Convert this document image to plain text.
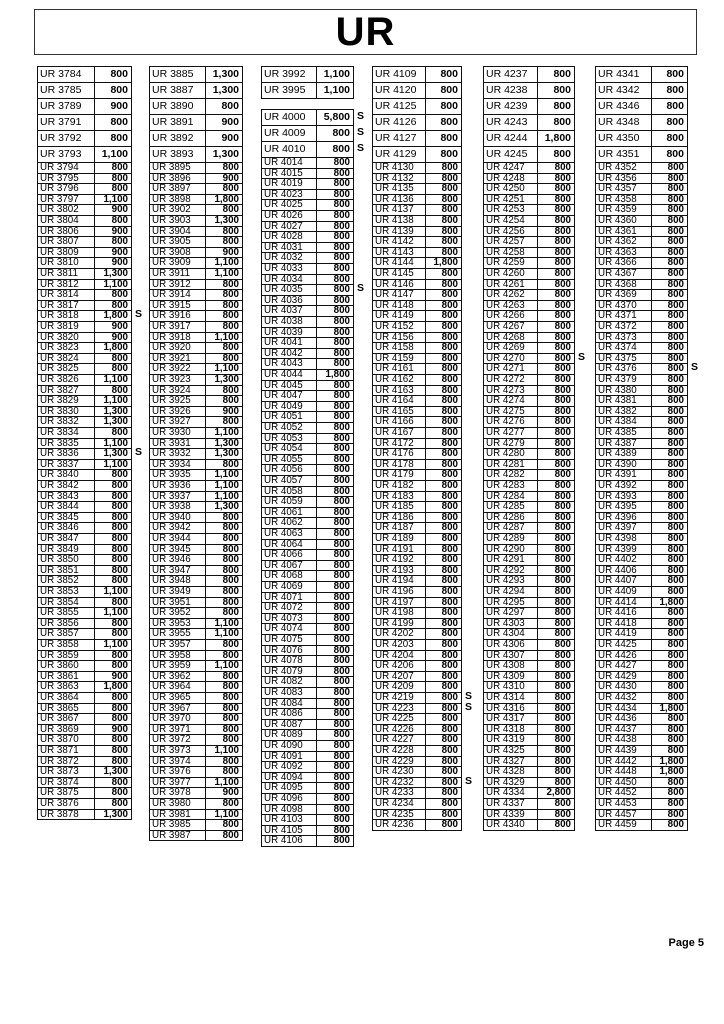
UR
UR 3784	800
UR 3785	800
UR 3789	900
UR 3791	800
UR 3792	800
UR 3793	1,100
UR 3794	800
UR 3795	800
UR 3796	800
UR 3797	1,100
UR 3802	900
UR 3804	800
UR 3806	900
UR 3807	800
UR 3809	900
UR 3810	900
UR 3811	1,300
UR 3812	1,100
UR 3814	800
UR 3817	800
UR 3818	1,800 S
UR 3819	900
UR 3820	900
UR 3823	1,800
UR 3824	800
UR 3825	800
UR 3826	1,100
UR 3827	800
UR 3829	1,100
UR 3830	1,300
UR 3832	1,300
UR 3834	800
UR 3835	1,100
UR 3836	1,300 S
UR 3837	1,100
UR 3840	800
UR 3842	800
UR 3843	800
UR 3844	800
UR 3845	800
UR 3846	800
UR 3847	800
UR 3849	800
UR 3850	800
UR 3851	800
UR 3852	800
UR 3853	1,100
UR 3854	800
UR 3855	1,100
UR 3856	800
UR 3857	800
UR 3858	1,100
UR 3859	800
UR 3860	800
UR 3861	900
UR 3863	1,800
UR 3864	800
UR 3865	800
UR 3867	800
UR 3869	900
UR 3870	800
UR 3871	800
UR 3872	800
UR 3873	1,300
UR 3874	800
UR 3875	800
UR 3876	800
UR 3878	1,300
UR 3885	1,300
UR 3887	1,300
UR 3890	800
UR 3891	900
UR 3892	900
UR 3893	1,300
UR 3895	800
UR 3896	900
UR 3897	800
UR 3898	1,800
UR 3902	800
UR 3903	1,300
UR 3904	800
UR 3905	800
UR 3908	900
UR 3909	1,100
UR 3911	1,100
UR 3912	800
UR 3914	800
UR 3915	800
UR 3916	800
UR 3917	800
UR 3918	1,100
UR 3920	800
UR 3921	800
UR 3922	1,100
UR 3923	1,300
UR 3924	800
UR 3925	800
UR 3926	900
UR 3927	800
UR 3930	1,100
UR 3931	1,300
UR 3932	1,300
UR 3934	800
UR 3935	1,100
UR 3936	1,100
UR 3937	1,100
UR 3938	1,300
UR 3940	800
UR 3942	800
UR 3944	800
UR 3945	800
UR 3946	800
UR 3947	800
UR 3948	800
UR 3949	800
UR 3951	800
UR 3952	800
UR 3953	1,100
UR 3955	1,100
UR 3957	800
UR 3958	800
UR 3959	1,100
UR 3962	800
UR 3964	800
UR 3965	800
UR 3967	800
UR 3970	800
UR 3971	800
UR 3972	800
UR 3973	1,100
UR 3974	800
UR 3976	800
UR 3977	1,100
UR 3978	900
UR 3980	800
UR 3981	1,100
UR 3985	800
UR 3987	800
UR 3992	1,100
UR 3995	1,100
UR 4000	5,800 S
UR 4009	800 S
UR 4010	800 S
UR 4014	800
UR 4015	800
UR 4019	800
UR 4023	800
UR 4025	800
UR 4026	800
UR 4027	800
UR 4028	800
UR 4031	800
UR 4032	800
UR 4033	800
UR 4034	800
UR 4035	800 S
UR 4036	800
UR 4037	800
UR 4038	800
UR 4039	800
UR 4041	800
UR 4042	800
UR 4043	800
UR 4044	1,800
UR 4045	800
UR 4047	800
UR 4049	800
UR 4051	800
UR 4052	800
UR 4053	800
UR 4054	800
UR 4055	800
UR 4056	800
UR 4057	800
UR 4058	800
UR 4059	800
UR 4061	800
UR 4062	800
UR 4063	800
UR 4064	800
UR 4066	800
UR 4067	800
UR 4068	800
UR 4069	800
UR 4071	800
UR 4072	800
UR 4073	800
UR 4074	800
UR 4075	800
UR 4076	800
UR 4078	800
UR 4079	800
UR 4082	800
UR 4083	800
UR 4084	800
UR 4086	800
UR 4087	800
UR 4089	800
UR 4090	800
UR 4091	800
UR 4092	800
UR 4094	800
UR 4095	800
UR 4096	800
UR 4098	800
UR 4103	800
UR 4105	800
UR 4106	800
UR 4109	800
UR 4120	800
UR 4125	800
UR 4126	800
UR 4127	800
UR 4129	800
UR 4130	800
UR 4132	800
UR 4135	800
UR 4136	800
UR 4137	800
UR 4138	800
UR 4139	800
UR 4142	800
UR 4143	800
UR 4144	1,800
UR 4145	800
UR 4146	800
UR 4147	800
UR 4148	800
UR 4149	800
UR 4152	800
UR 4156	800
UR 4158	800
UR 4159	800
UR 4161	800
UR 4162	800
UR 4163	800
UR 4164	800
UR 4165	800
UR 4166	800
UR 4167	800
UR 4172	800
UR 4176	800
UR 4178	800
UR 4179	800
UR 4182	800
UR 4183	800
UR 4185	800
UR 4186	800
UR 4187	800
UR 4189	800
UR 4191	800
UR 4192	800
UR 4193	800
UR 4194	800
UR 4196	800
UR 4197	800
UR 4198	800
UR 4199	800
UR 4202	800
UR 4203	800
UR 4204	800
UR 4206	800
UR 4207	800
UR 4209	800
UR 4219	800 S
UR 4223	800 S
UR 4225	800
UR 4226	800
UR 4227	800
UR 4228	800
UR 4229	800
UR 4230	800
UR 4232	800 S
UR 4233	800
UR 4234	800
UR 4235	800
UR 4236	800
UR 4237	800
UR 4238	800
UR 4239	800
UR 4243	800
UR 4244	1,800
UR 4245	800
UR 4247	800
UR 4248	800
UR 4250	800
UR 4251	800
UR 4253	800
UR 4254	800
UR 4256	800
UR 4257	800
UR 4258	800
UR 4259	800
UR 4260	800
UR 4261	800
UR 4262	800
UR 4263	800
UR 4266	800
UR 4267	800
UR 4268	800
UR 4269	800
UR 4270	800 S
UR 4271	800
UR 4272	800
UR 4273	800
UR 4274	800
UR 4275	800
UR 4276	800
UR 4277	800
UR 4279	800
UR 4280	800
UR 4281	800
UR 4282	800
UR 4283	800
UR 4284	800
UR 4285	800
UR 4286	800
UR 4287	800
UR 4289	800
UR 4290	800
UR 4291	800
UR 4292	800
UR 4293	800
UR 4294	800
UR 4295	800
UR 4297	800
UR 4303	800
UR 4304	800
UR 4306	800
UR 4307	800
UR 4308	800
UR 4309	800
UR 4310	800
UR 4314	800
UR 4316	800
UR 4317	800
UR 4318	800
UR 4319	800
UR 4325	800
UR 4327	800
UR 4328	800
UR 4329	800
UR 4334	2,800
UR 4337	800
UR 4339	800
UR 4340	800
UR 4341	800
UR 4342	800
UR 4346	800
UR 4348	800
UR 4350	800
UR 4351	800
UR 4352	800
UR 4356	800
UR 4357	800
UR 4358	800
UR 4359	800
UR 4360	800
UR 4361	800
UR 4362	800
UR 4363	800
UR 4366	800
UR 4367	800
UR 4368	800
UR 4369	800
UR 4370	800
UR 4371	800
UR 4372	800
UR 4373	800
UR 4374	800
UR 4375	800
UR 4376	800 S
UR 4379	800
UR 4380	800
UR 4381	800
UR 4382	800
UR 4384	800
UR 4385	800
UR 4387	800
UR 4389	800
UR 4390	800
UR 4391	800
UR 4392	800
UR 4393	800
UR 4395	800
UR 4396	800
UR 4397	800
UR 4398	800
UR 4399	800
UR 4402	800
UR 4406	800
UR 4407	800
UR 4409	800
UR 4414	1,800
UR 4416	800
UR 4418	800
UR 4419	800
UR 4425	800
UR 4426	800
UR 4427	800
UR 4429	800
UR 4430	800
UR 4432	800
UR 4434	1,800
UR 4436	800
UR 4437	800
UR 4438	800
UR 4439	800
UR 4442	1,800
UR 4448	1,800
UR 4450	800
UR 4452	800
UR 4453	800
UR 4457	800
UR 4459	800
Page 5
